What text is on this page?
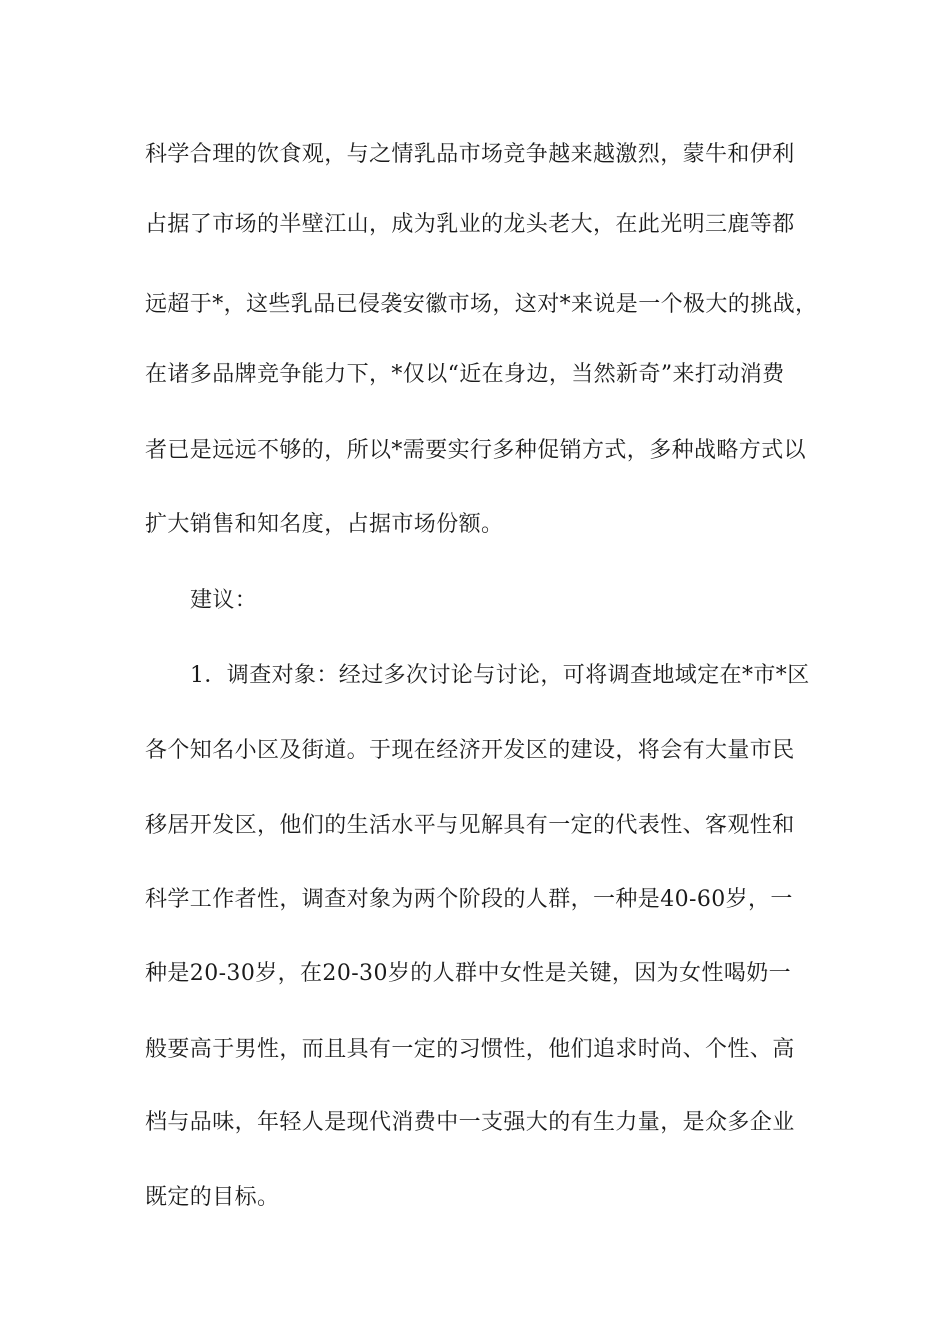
科学合理的饮食观，与之情乳品市场竞争越来越激烈，蒙牛和伊利
占据了市场的半壁江山，成为乳业的龙头老大，在此光明三鹿等都
远超于*，这些乳品已侵袭安徽市场，这对*来说是一个极大的挑战，
在诸多品牌竞争能力下，*仅以“近在身边，当然新奇”来打动消费
者已是远远不够的，所以*需要实行多种促销方式，多种战略方式以
扩大销售和知名度，占据市场份额。
建议：
1．调查对象：经过多次讨论与讨论，可将调查地域定在*市*区
各个知名小区及街道。于现在经济开发区的建设，将会有大量市民
移居开发区，他们的生活水平与见解具有一定的代表性、客观性和
科学工作者性，调查对象为两个阶段的人群，一种是40-60岁，一
种是20-30岁，在20-30岁的人群中女性是关键，因为女性喝奶一
般要高于男性，而且具有一定的习惯性，他们追求时尚、个性、高
档与品味，年轻人是现代消费中一支强大的有生力量，是众多企业
既定的目标。
